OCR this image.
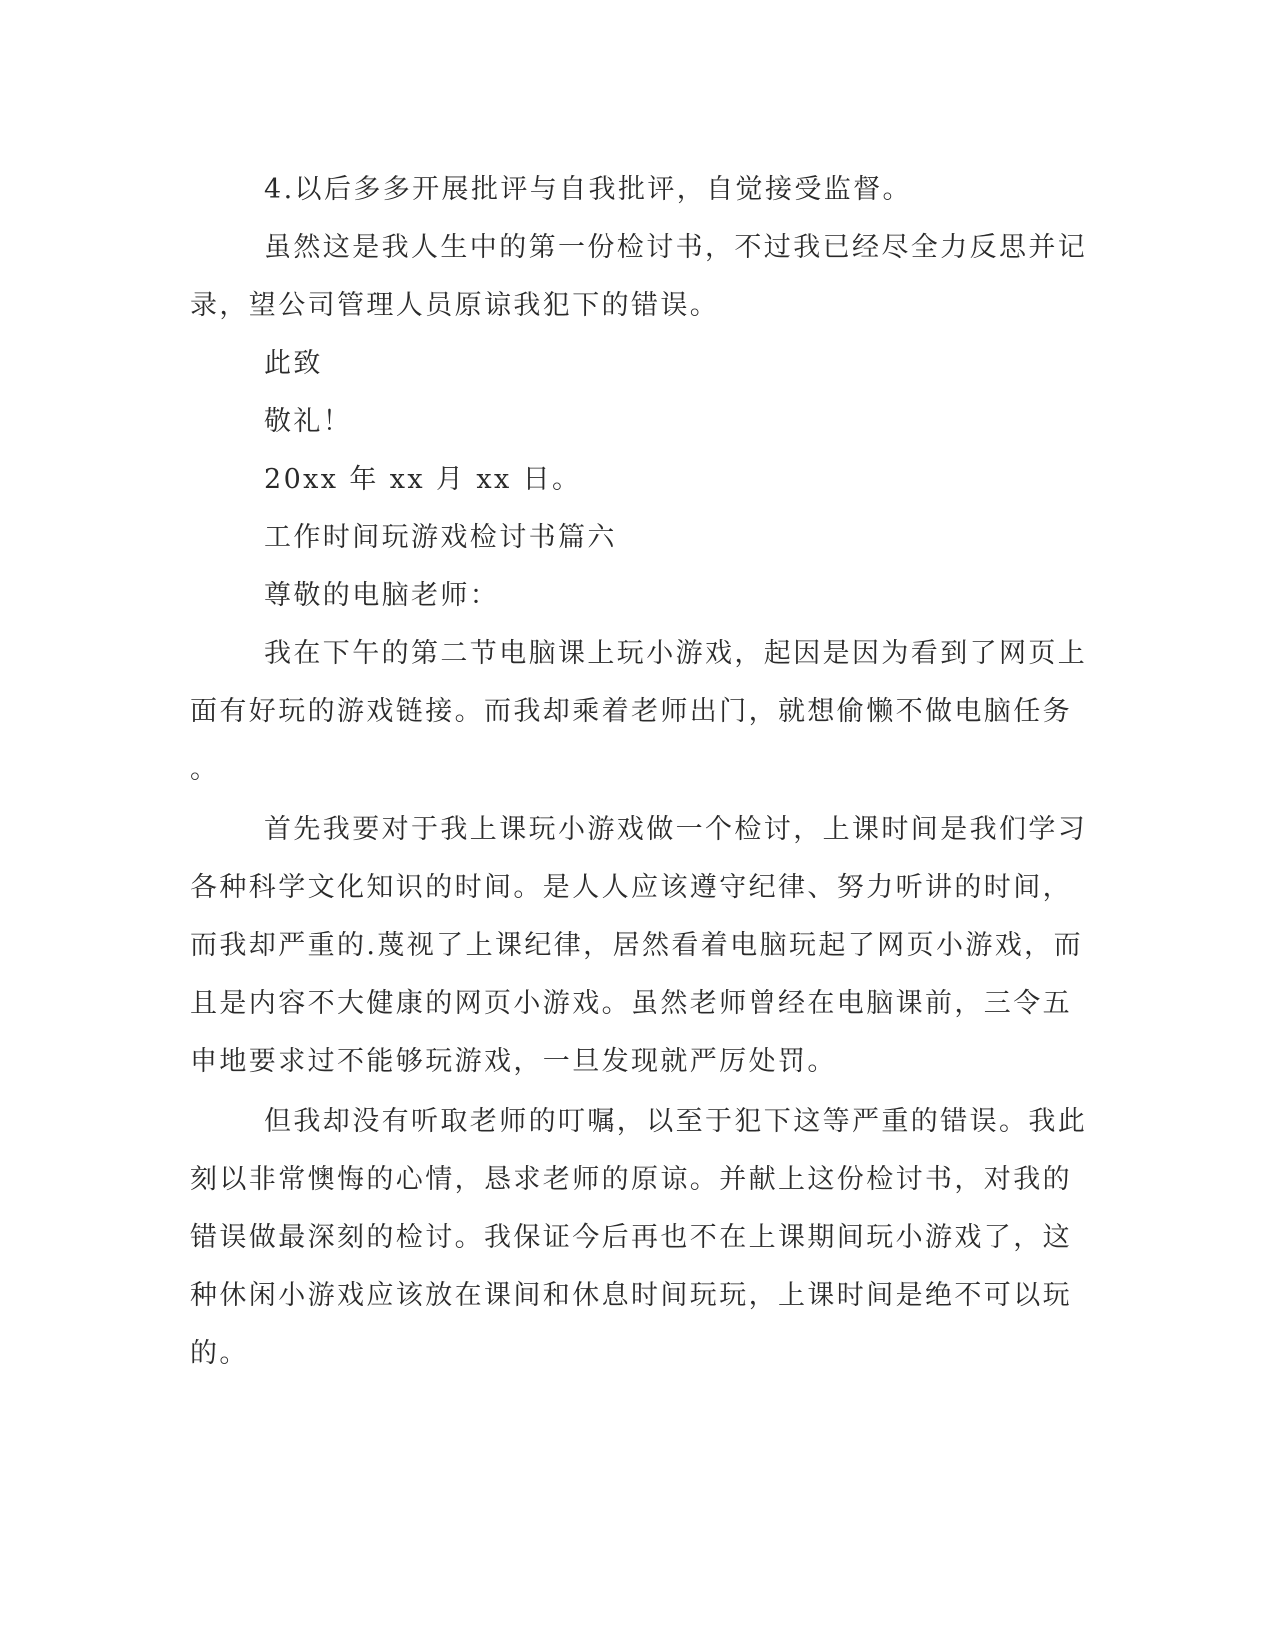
4.以后多多开展批评与自我批评，自觉接受监督。
虽然这是我人生中的第一份检讨书，不过我已经尽全力反思并记
录，望公司管理人员原谅我犯下的错误。
此致
敬礼！
20xx 年 xx 月 xx 日。
工作时间玩游戏检讨书篇六
尊敬的电脑老师：
我在下午的第二节电脑课上玩小游戏，起因是因为看到了网页上
面有好玩的游戏链接。而我却乘着老师出门，就想偷懒不做电脑任务
。
首先我要对于我上课玩小游戏做一个检讨，上课时间是我们学习
各种科学文化知识的时间。是人人应该遵守纪律、努力听讲的时间，
而我却严重的.蔑视了上课纪律，居然看着电脑玩起了网页小游戏，而
且是内容不大健康的网页小游戏。虽然老师曾经在电脑课前，三令五
申地要求过不能够玩游戏，一旦发现就严厉处罚。
但我却没有听取老师的叮嘱，以至于犯下这等严重的错误。我此
刻以非常懊悔的心情，恳求老师的原谅。并献上这份检讨书，对我的
错误做最深刻的检讨。我保证今后再也不在上课期间玩小游戏了，这
种休闲小游戏应该放在课间和休息时间玩玩，上课时间是绝不可以玩
的。
